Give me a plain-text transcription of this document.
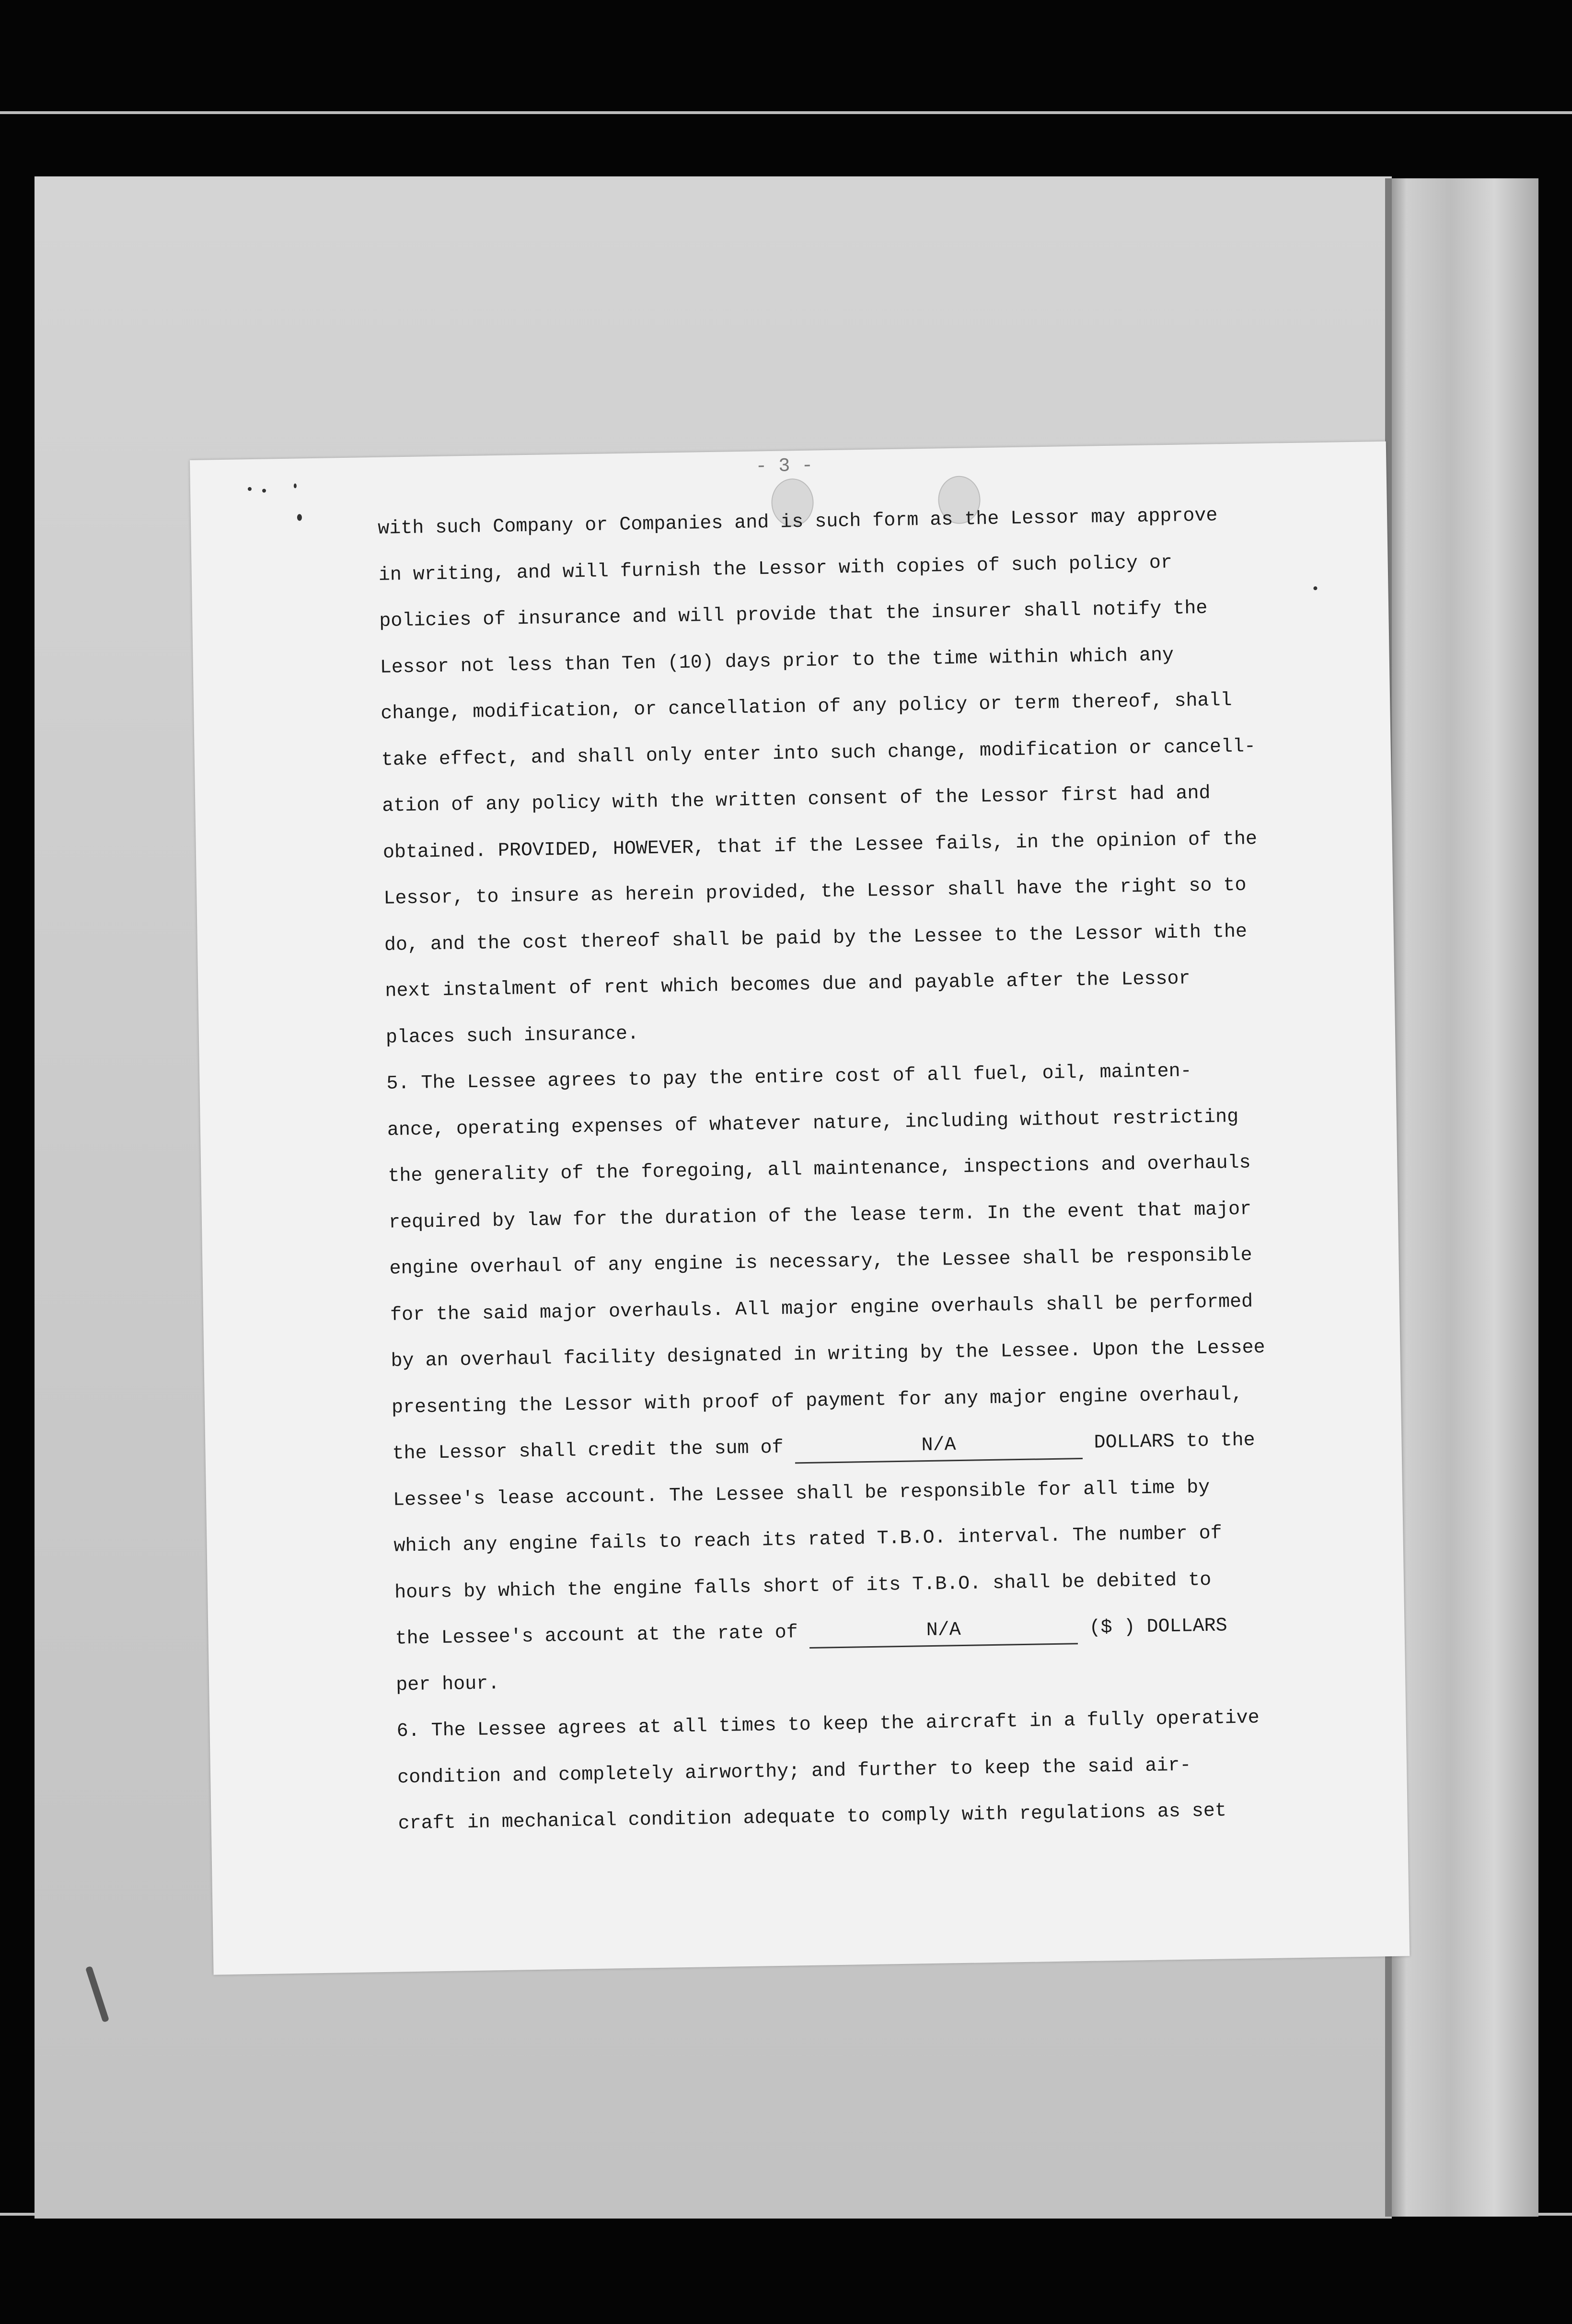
- 3 -
with such Company or Companies and is such form as the Lessor may approve
in writing, and will furnish the Lessor with copies of such policy or
policies of insurance and will provide that the insurer shall notify the
Lessor not less than Ten (10) days prior to the time within which any
change, modification, or cancellation of any policy or term thereof, shall
take effect, and shall only enter into such change, modification or cancell-
ation of any policy with the written consent of the Lessor first had and
obtained. PROVIDED, HOWEVER, that if the Lessee fails, in the opinion of the
Lessor, to insure as herein provided, the Lessor shall have the right so to
do, and the cost thereof shall be paid by the Lessee to the Lessor with the
next instalment of rent which becomes due and payable after the Lessor
places such insurance.
5. The Lessee agrees to pay the entire cost of all fuel, oil, mainten-
ance, operating expenses of whatever nature, including without restricting
the generality of the foregoing, all maintenance, inspections and overhauls
required by law for the duration of the lease term. In the event that major
engine overhaul of any engine is necessary, the Lessee shall be responsible
for the said major overhauls. All major engine overhauls shall be performed
by an overhaul facility designated in writing by the Lessee. Upon the Lessee
presenting the Lessor with proof of payment for any major engine overhaul,
the Lessor shall credit the sum of	N/A	DOLLARS to the
Lessee's lease account. The Lessee shall be responsible for all time by
which any engine fails to reach its rated T.B.O. interval. The number of
hours by which the engine falls short of its T.B.O. shall be debited to
the Lessee's account at the rate of	N/A	($ ) DOLLARS
per hour.
6. The Lessee agrees at all times to keep the aircraft in a fully operative
condition and completely airworthy; and further to keep the said air-
craft in mechanical condition adequate to comply with regulations as set
